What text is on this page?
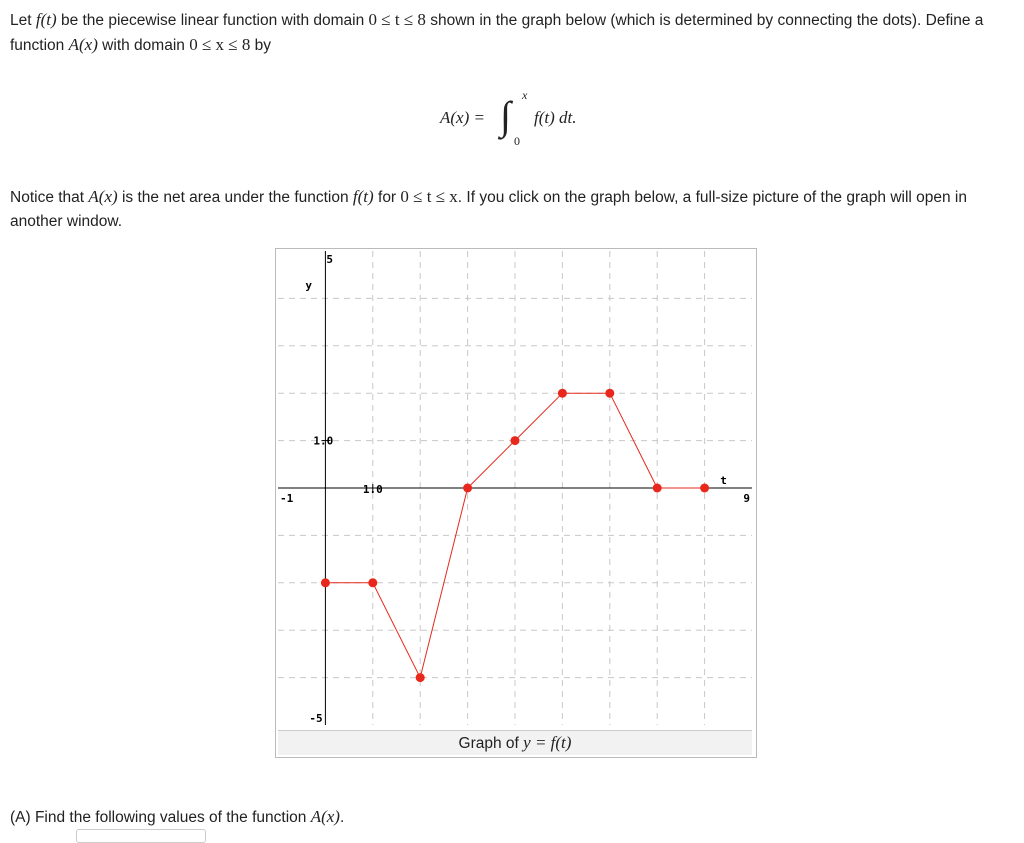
Let f(t) be the piecewise linear function with domain 0 ≤ t ≤ 8 shown in the graph below (which is determined by connecting the dots). Define a function A(x) with domain 0 ≤ x ≤ 8 by

A(x) = ∫ x
0
f(t) dt.

Notice that A(x) is the net area under the function f(t) for 0 ≤ t ≤ x. If you click on the graph below, a full-size picture of the graph will open in another window.

5
y
1.0
1.0
-1
t
9
-5
Graph of y = f(t)

(A) Find the following values of the function A(x).
